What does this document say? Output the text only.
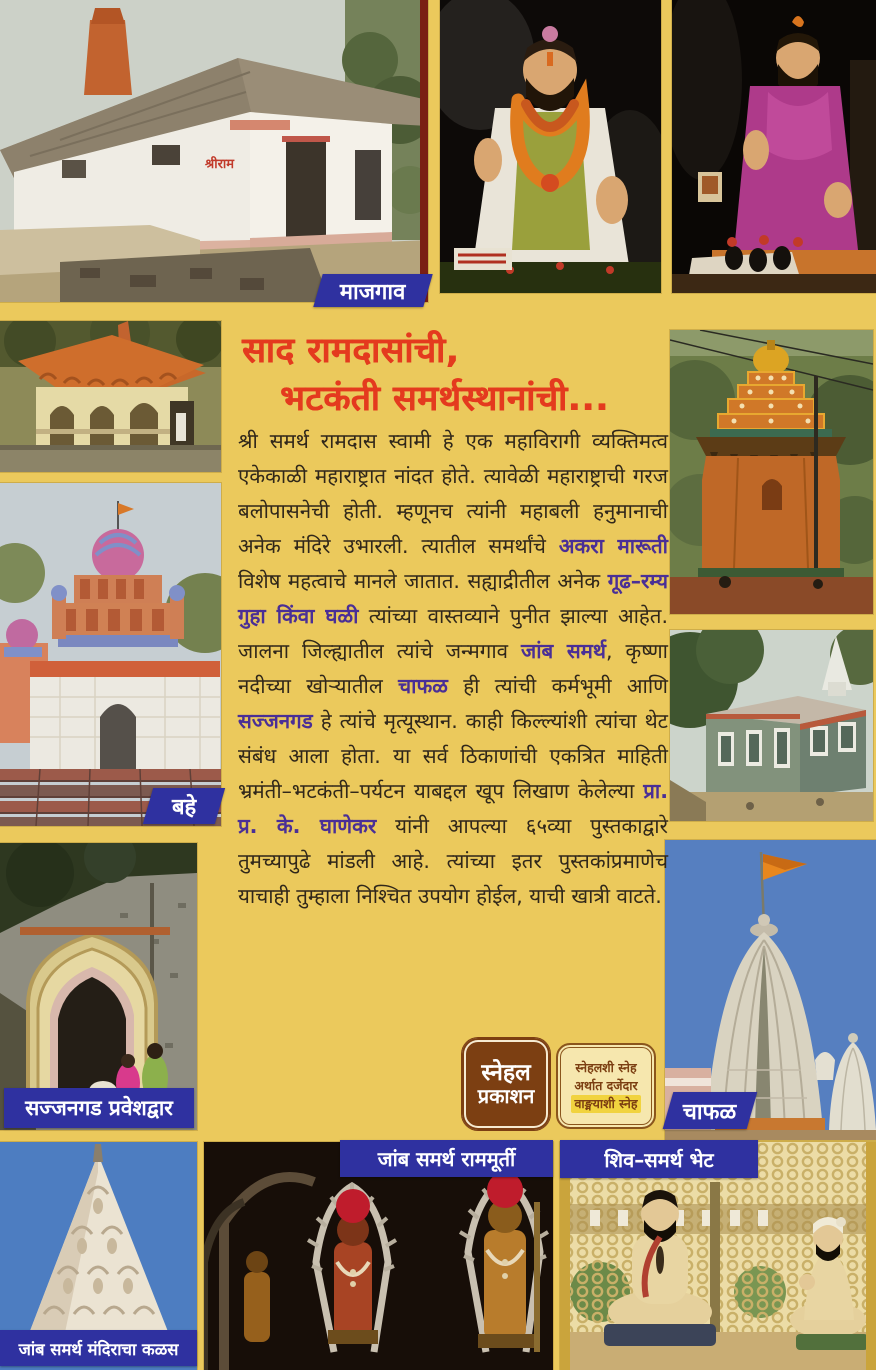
श्रीराम
माजगाव
बहे
सज्जनगड प्रवेशद्वार	चाफळ
जांब समर्थ मंदिराचा कळस
जांब समर्थ राममूर्ती	शिव–समर्थ भेट
साद रामदासांची,
भटकंती समर्थस्थानांची...
श्री समर्थ रामदास स्वामी हे एक महाविरागी व्यक्तिमत्व एकेकाळी महाराष्ट्रात नांदत होते. त्यावेळी महाराष्ट्राची गरज बलोपासनेची होती. म्हणूनच त्यांनी महाबली हनुमानाची अनेक मंदिरे उभारली. त्यातील समर्थांचे अकरा मारूती विशेष महत्वाचे मानले जातात. सह्याद्रीतील अनेक गूढ–रम्य गुहा किंवा घळी त्यांच्या वास्तव्याने पुनीत झाल्या आहेत. जालना जिल्ह्यातील त्यांचे जन्मगाव जांब समर्थ, कृष्णा नदीच्या खोऱ्यातील चाफळ ही त्यांची कर्मभूमी आणि सज्जनगड हे त्यांचे मृत्यूस्थान. काही किल्ल्यांशी त्यांचा थेट संबंध आला होता. या सर्व ठिकाणांची एकत्रित माहिती भ्रमंती–भटकंती–पर्यटन याबद्दल खूप लिखाण केलेल्या प्रा. प्र. के. घाणेकर यांनी आपल्या ६५व्या पुस्तकाद्वारे तुमच्यापुढे मांडली आहे. त्यांच्या इतर पुस्तकांप्रमाणेच याचाही तुम्हाला निश्चित उपयोग होईल, याची खात्री वाटते.
स्नेहल
प्रकाशन
स्नेहलशी स्नेह
अर्थात दर्जेदार
वाङ्मयाशी स्नेह
